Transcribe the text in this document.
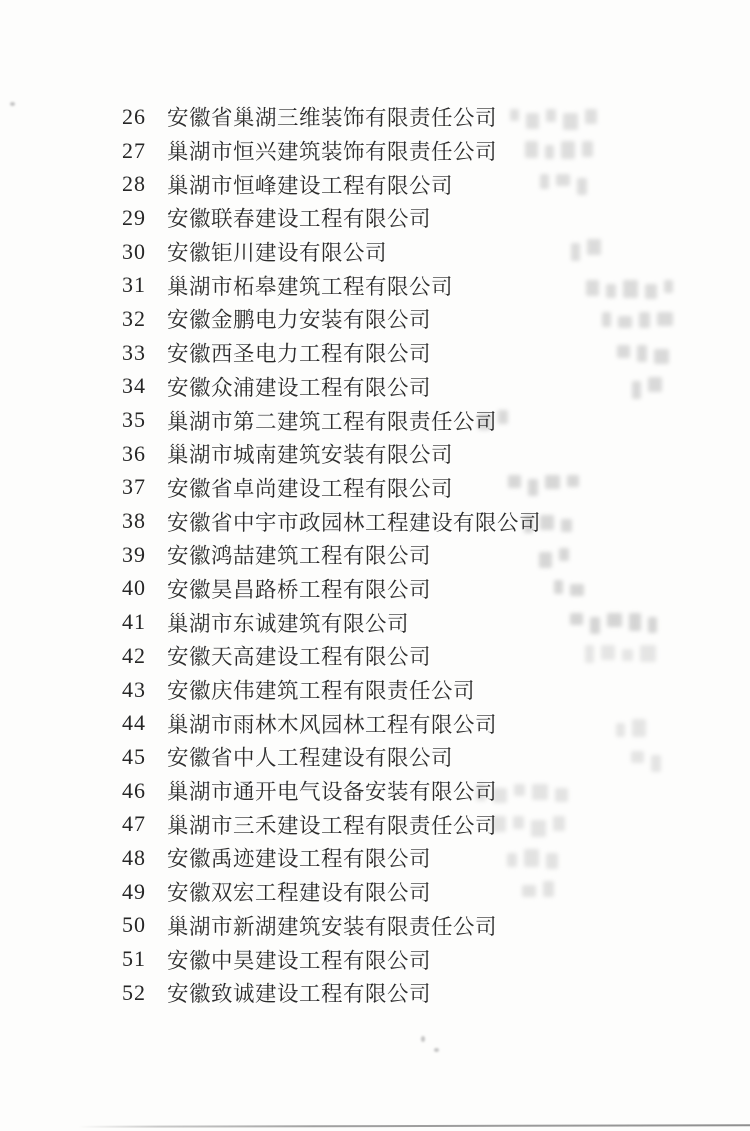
26 安徽省巢湖三维装饰有限责任公司
27 巢湖市恒兴建筑装饰有限责任公司
28 巢湖市恒峰建设工程有限公司
29 安徽联春建设工程有限公司
30 安徽钜川建设有限公司
31 巢湖市柘皋建筑工程有限公司
32 安徽金鹏电力安装有限公司
33 安徽西圣电力工程有限公司
34 安徽众浦建设工程有限公司
35 巢湖市第二建筑工程有限责任公司
36 巢湖市城南建筑安装有限公司
37 安徽省卓尚建设工程有限公司
38 安徽省中宇市政园林工程建设有限公司
39 安徽鸿喆建筑工程有限公司
40 安徽昊昌路桥工程有限公司
41 巢湖市东诚建筑有限公司
42 安徽天高建设工程有限公司
43 安徽庆伟建筑工程有限责任公司
44 巢湖市雨林木风园林工程有限公司
45 安徽省中人工程建设有限公司
46 巢湖市通开电气设备安装有限公司
47 巢湖市三禾建设工程有限责任公司
48 安徽禹迹建设工程有限公司
49 安徽双宏工程建设有限公司
50 巢湖市新湖建筑安装有限责任公司
51 安徽中昊建设工程有限公司
52 安徽致诚建设工程有限公司
